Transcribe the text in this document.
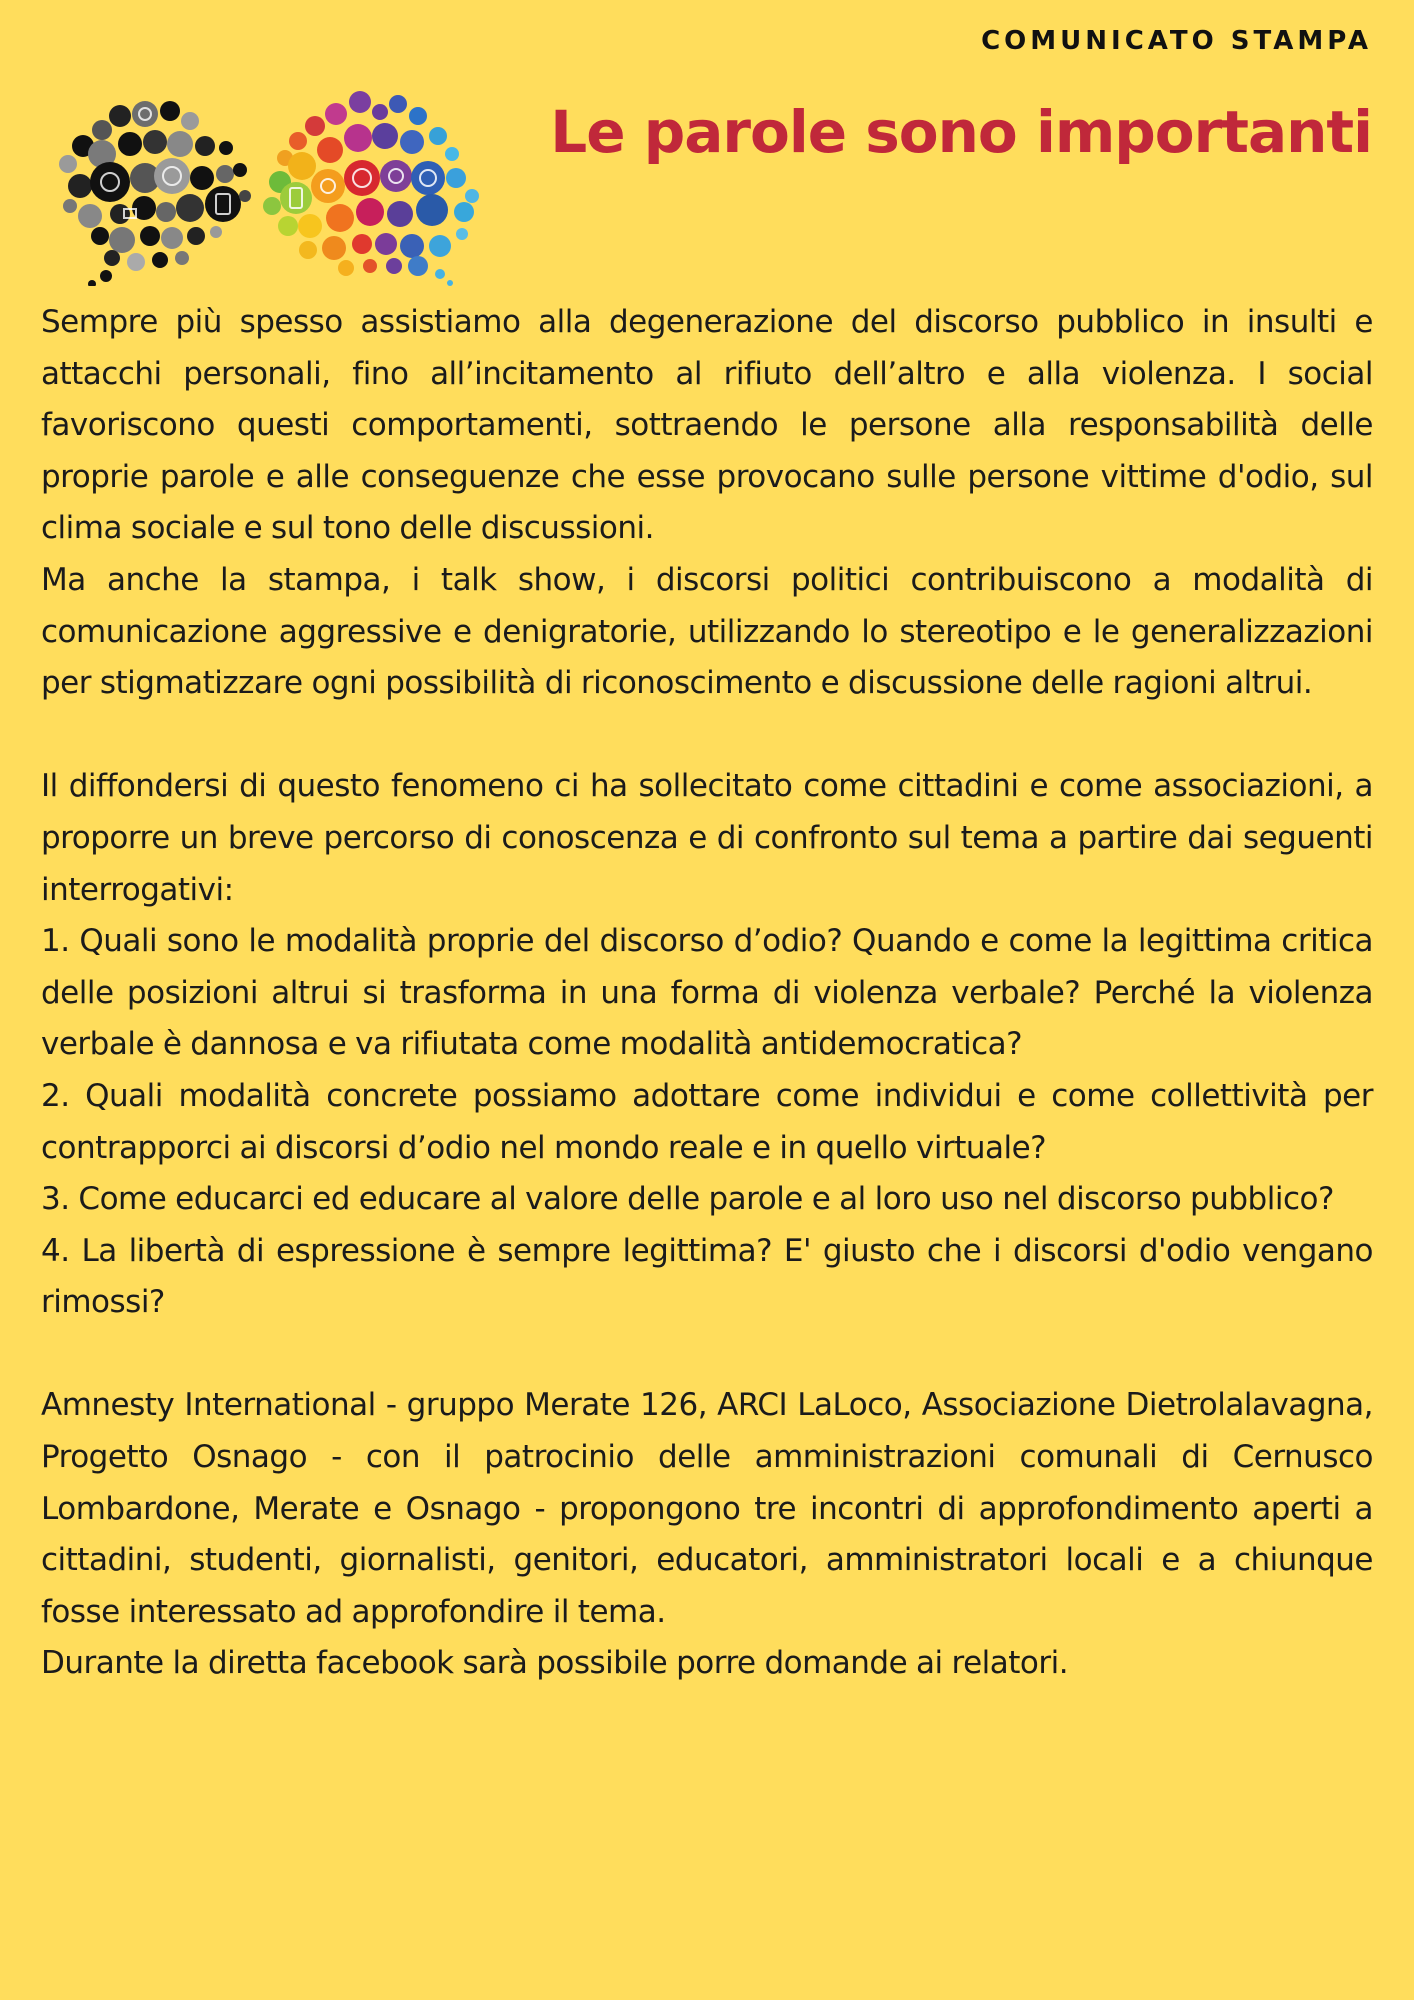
COMUNICATO STAMPA
Le parole sono importanti

Sempre più spesso assistiamo alla degenerazione del discorso pubblico in insulti e attacchi personali, fino all’incitamento al rifiuto dell’altro e alla violenza. I social favoriscono questi comportamenti, sottraendo le persone alla responsabilità delle proprie parole e alle conseguenze che esse provocano sulle persone vittime d'odio, sul clima sociale e sul tono delle discussioni.

Ma anche la stampa, i talk show, i discorsi politici contribuiscono a modalità di comunicazione aggressive e denigratorie, utilizzando lo stereotipo e le generalizzazioni per stigmatizzare ogni possibilità di riconoscimento e discussione delle ragioni altrui.

Il diffondersi di questo fenomeno ci ha sollecitato come cittadini e come associazioni, a proporre un breve percorso di conoscenza e di confronto sul tema a partire dai seguenti interrogativi:

1. Quali sono le modalità proprie del discorso d’odio? Quando e come la legittima critica delle posizioni altrui si trasforma in una forma di violenza verbale? Perché la violenza verbale è dannosa e va rifiutata come modalità antidemocratica?

2. Quali modalità concrete possiamo adottare come individui e come collettività per contrapporci ai discorsi d’odio nel mondo reale e in quello virtuale?

3. Come educarci ed educare al valore delle parole e al loro uso nel discorso pubblico?

4. La libertà di espressione è sempre legittima? E' giusto che i discorsi d'odio vengano rimossi?

Amnesty International - gruppo Merate 126, ARCI LaLoco, Associazione Dietrolalavagna, Progetto Osnago - con il patrocinio delle amministrazioni comunali di Cernusco Lombardone, Merate e Osnago - propongono tre incontri di approfondimento aperti a cittadini, studenti, giornalisti, genitori, educatori, amministratori locali e a chiunque fosse interessato ad approfondire il tema.

Durante la diretta facebook sarà possibile porre domande ai relatori.
